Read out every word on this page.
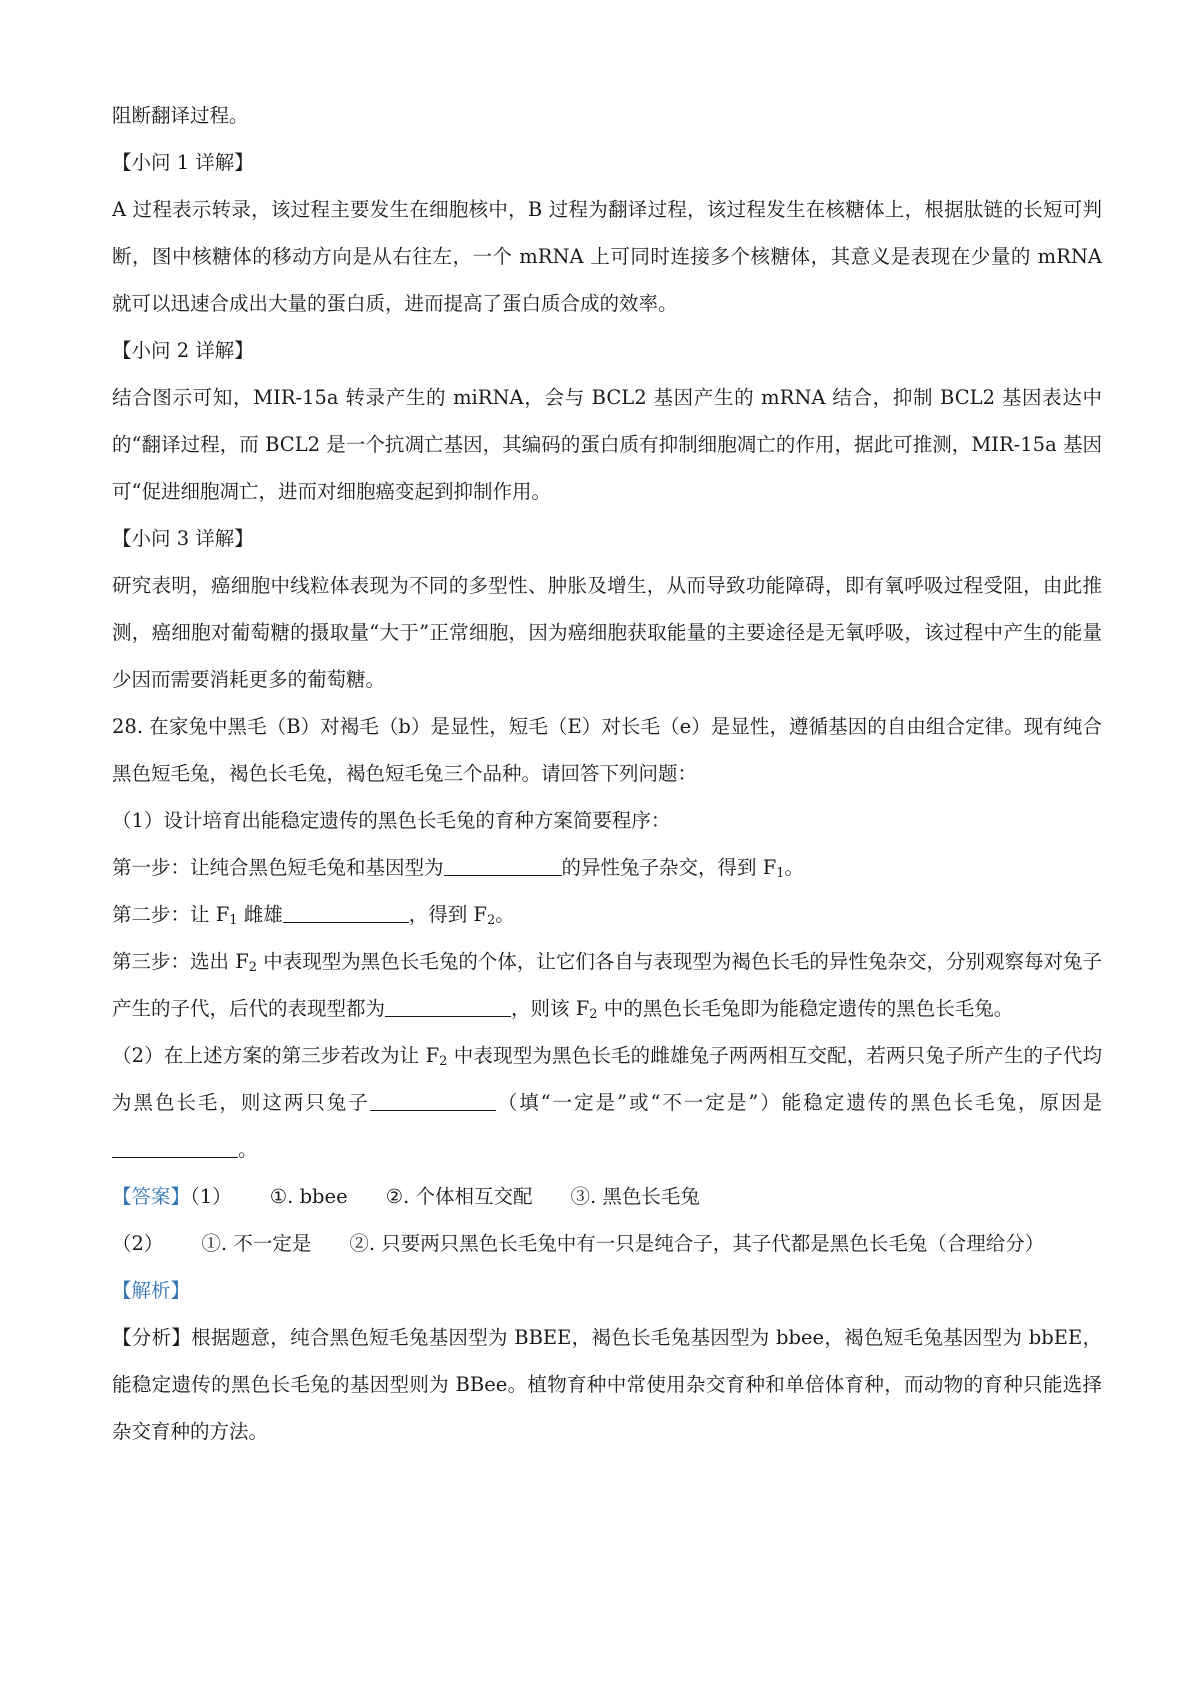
阻断翻译过程。

【小问 1 详解】

A 过程表示转录，该过程主要发生在细胞核中，B 过程为翻译过程，该过程发生在核糖体上，根据肽链的长短可判断，图中核糖体的移动方向是从右往左，一个 mRNA 上可同时连接多个核糖体，其意义是表现在少量的 mRNA 就可以迅速合成出大量的蛋白质，进而提高了蛋白质合成的效率。

【小问 2 详解】

结合图示可知，MIR-15a 转录产生的 miRNA，会与 BCL2 基因产生的 mRNA 结合，抑制 BCL2 基因表达中的“翻译过程，而 BCL2 是一个抗凋亡基因，其编码的蛋白质有抑制细胞凋亡的作用，据此可推测，MIR-15a 基因可“促进细胞凋亡，进而对细胞癌变起到抑制作用。

【小问 3 详解】

研究表明，癌细胞中线粒体表现为不同的多型性、肿胀及增生，从而导致功能障碍，即有氧呼吸过程受阻，由此推测，癌细胞对葡萄糖的摄取量“大于”正常细胞，因为癌细胞获取能量的主要途径是无氧呼吸，该过程中产生的能量少因而需要消耗更多的葡萄糖。

28. 在家兔中黑毛（B）对褐毛（b）是显性，短毛（E）对长毛（e）是显性，遵循基因的自由组合定律。现有纯合黑色短毛兔，褐色长毛兔，褐色短毛兔三个品种。请回答下列问题：

（1）设计培育出能稳定遗传的黑色长毛兔的育种方案简要程序：

第一步：让纯合黑色短毛兔和基因型为	的异性兔子杂交，得到 $F_1$。

第二步：让 $F_1$ 雌雄	，得到 $F_2$。

第三步：选出 $F_2$ 中表现型为黑色长毛兔的个体，让它们各自与表现型为褐色长毛的异性兔杂交，分别观察每对兔子产生的子代，后代的表现型都为	，则该 $F_2$ 中的黑色长毛兔即为能稳定遗传的黑色长毛兔。

（2）在上述方案的第三步若改为让 $F_2$ 中表现型为黑色长毛的雌雄兔子两两相互交配，若两只兔子所产生的子代均为黑色长毛，则这两只兔子	（填“一定是”或“不一定是”）能稳定遗传的黑色长毛兔，原因是。

【答案】（1） ①. bbee ②. 个体相互交配 ③. 黑色长毛兔

（2） ①. 不一定是 ②. 只要两只黑色长毛兔中有一只是纯合子，其子代都是黑色长毛兔（合理给分）

【解析】

【分析】根据题意，纯合黑色短毛兔基因型为 BBEE，褐色长毛兔基因型为 bbee，褐色短毛兔基因型为 bbEE，能稳定遗传的黑色长毛兔的基因型则为 BBee。植物育种中常使用杂交育种和单倍体育种，而动物的育种只能选择杂交育种的方法。
